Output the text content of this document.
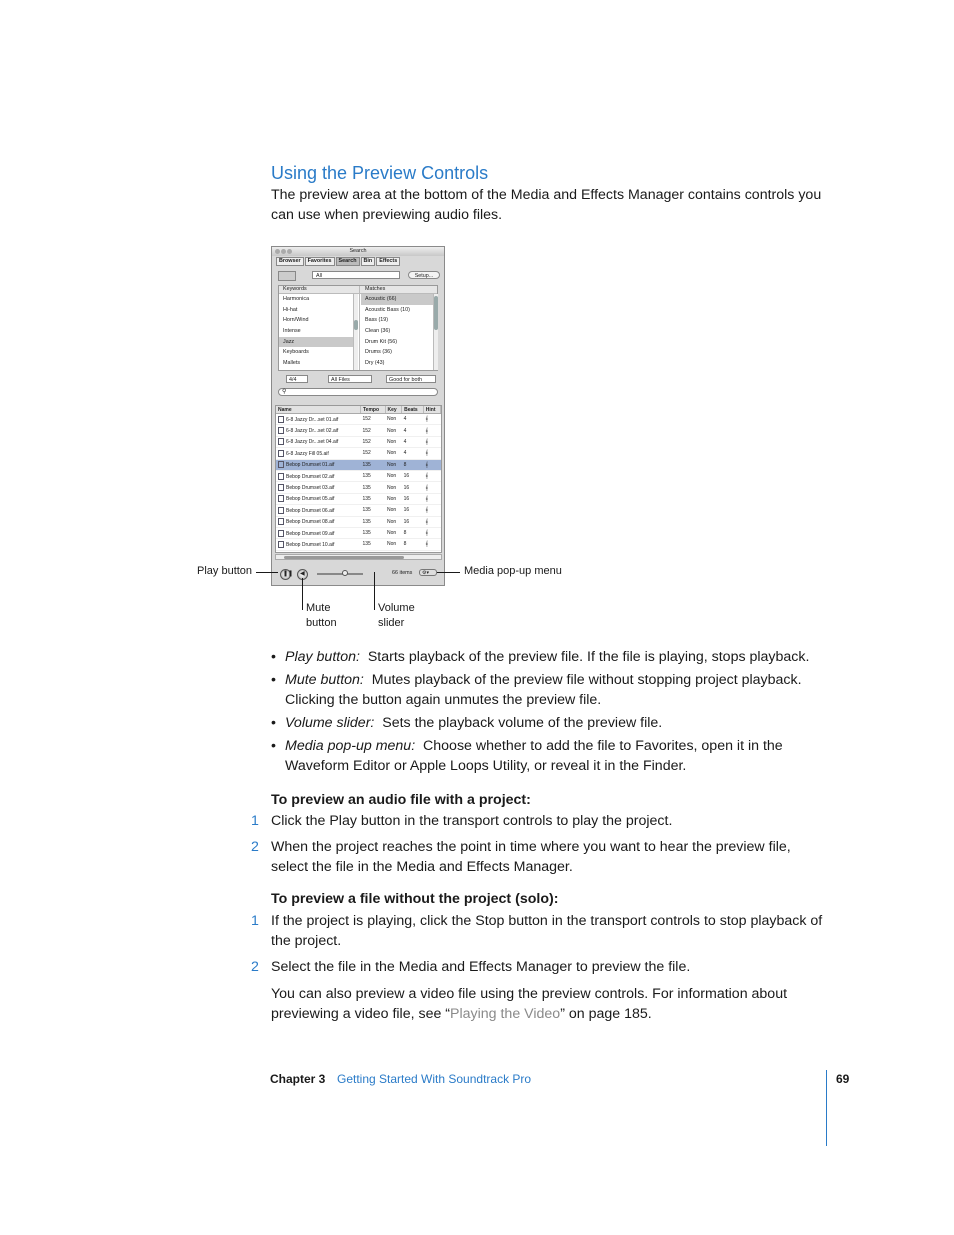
Using the Preview Controls
The preview area at the bottom of the Media and Effects Manager contains controls you can use when previewing audio files.
Search
Browser	Favorites	Search	Bin	Effects
All	Setup...
Keywords	Matches
Harmonica
Hi-hat
Horn/Wind
Intense
Jazz
Keyboards
Mallets
Acoustic (66)
Acoustic Bass (10)
Bass (19)
Clean (36)
Drum Kit (56)
Drums (36)
Dry (43)
4/4	All Files	Good for both
⚲
Name	Tempo	Key	Beats	Hint
6-8 Jazzy Dr...set 01.aif	152	Non	4	𝄞
6-8 Jazzy Dr...set 02.aif	152	Non	4	𝄞
6-8 Jazzy Dr...set 04.aif	152	Non	4	𝄞
6-8 Jazzy Fill 05.aif	152	Non	4	𝄞
Bebop Drumset 01.aif	135	Non	8	𝄞
Bebop Drumset 02.aif	135	Non	16	𝄞
Bebop Drumset 03.aif	135	Non	16	𝄞
Bebop Drumset 05.aif	135	Non	16	𝄞
Bebop Drumset 06.aif	135	Non	16	𝄞
Bebop Drumset 08.aif	135	Non	16	𝄞
Bebop Drumset 09.aif	135	Non	8	𝄞
Bebop Drumset 10.aif	135	Non	8	𝄞
❚❚ ◀	66 items ⚙▾
Play button	Media pop-up menu
Mute button
Volume slider
• Play button: Starts playback of the preview file. If the file is playing, stops playback.
• Mute button: Mutes playback of the preview file without stopping project playback. Clicking the button again unmutes the preview file.
• Volume slider: Sets the playback volume of the preview file.
• Media pop-up menu: Choose whether to add the file to Favorites, open it in the Waveform Editor or Apple Loops Utility, or reveal it in the Finder.
To preview an audio file with a project:
1 Click the Play button in the transport controls to play the project.
2 When the project reaches the point in time where you want to hear the preview file, select the file in the Media and Effects Manager.
To preview a file without the project (solo):
1 If the project is playing, click the Stop button in the transport controls to stop playback of the project.
2 Select the file in the Media and Effects Manager to preview the file.
You can also preview a video file using the preview controls. For information about previewing a video file, see “Playing the Video” on page 185.
Chapter 3 Getting Started With Soundtrack Pro	69
